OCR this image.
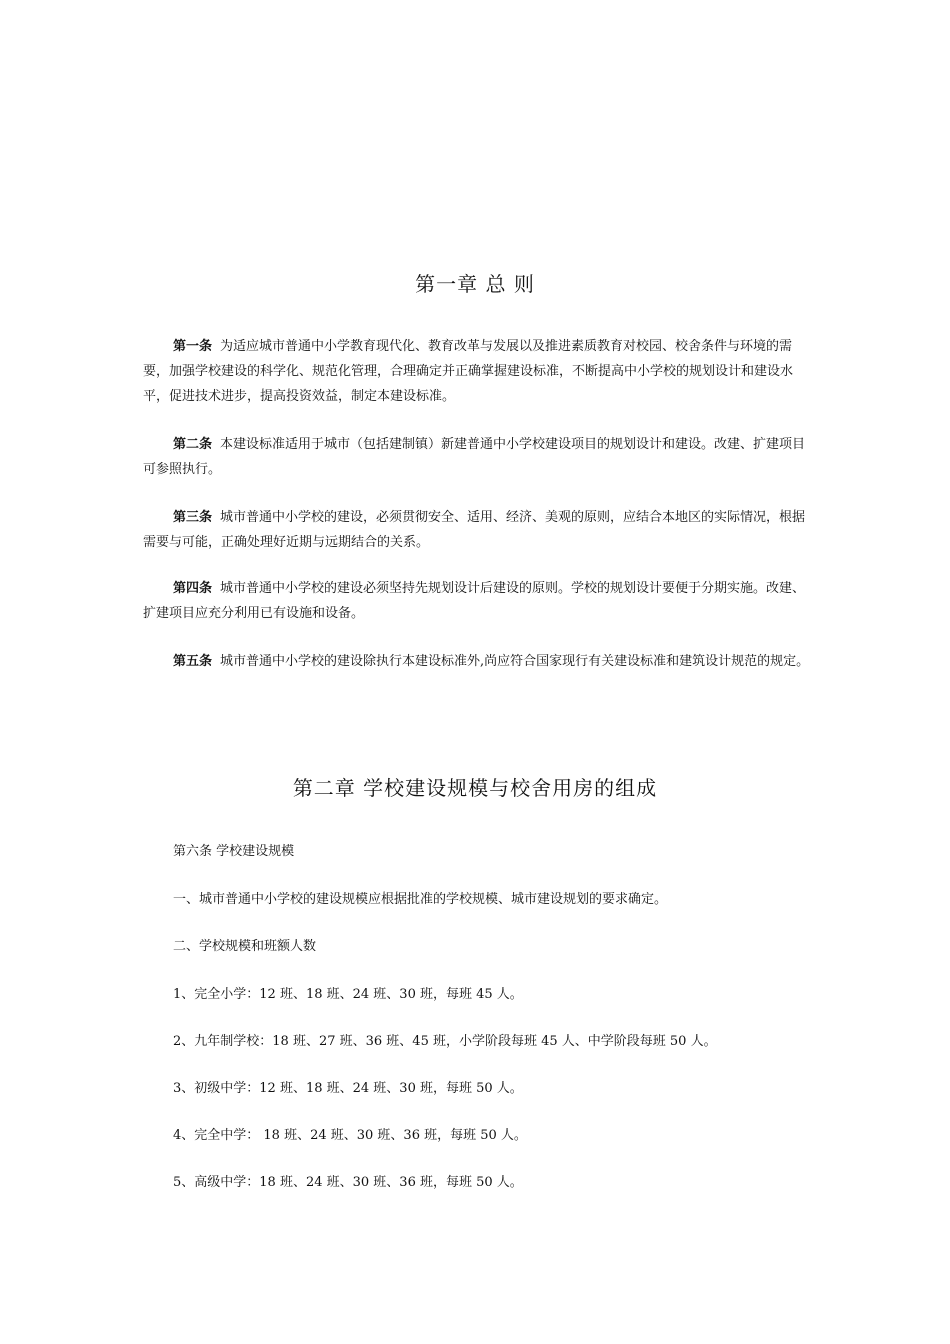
第一章 总 则
第一条 为适应城市普通中小学教育现代化、教育改革与发展以及推进素质教育对校园、校舍条件与环境的需要，加强学校建设的科学化、规范化管理，合理确定并正确掌握建设标准，不断提高中小学校的规划设计和建设水平，促进技术进步，提高投资效益，制定本建设标准。
第二条 本建设标准适用于城市（包括建制镇）新建普通中小学校建设项目的规划设计和建设。改建、扩建项目可参照执行。
第三条 城市普通中小学校的建设，必须贯彻安全、适用、经济、美观的原则，应结合本地区的实际情况，根据需要与可能，正确处理好近期与远期结合的关系。
第四条 城市普通中小学校的建设必须坚持先规划设计后建设的原则。学校的规划设计要便于分期实施。改建、扩建项目应充分利用已有设施和设备。
第五条 城市普通中小学校的建设除执行本建设标准外,尚应符合国家现行有关建设标准和建筑设计规范的规定。
第二章 学校建设规模与校舍用房的组成
第六条 学校建设规模
一、城市普通中小学校的建设规模应根据批准的学校规模、城市建设规划的要求确定。
二、学校规模和班额人数
1、完全小学：12 班、18 班、24 班、30 班，每班 45 人。
2、九年制学校：18 班、27 班、36 班、45 班，小学阶段每班 45 人、中学阶段每班 50 人。
3、初级中学：12 班、18 班、24 班、30 班，每班 50 人。
4、完全中学： 18 班、24 班、30 班、36 班，每班 50 人。
5、高级中学：18 班、24 班、30 班、36 班，每班 50 人。
